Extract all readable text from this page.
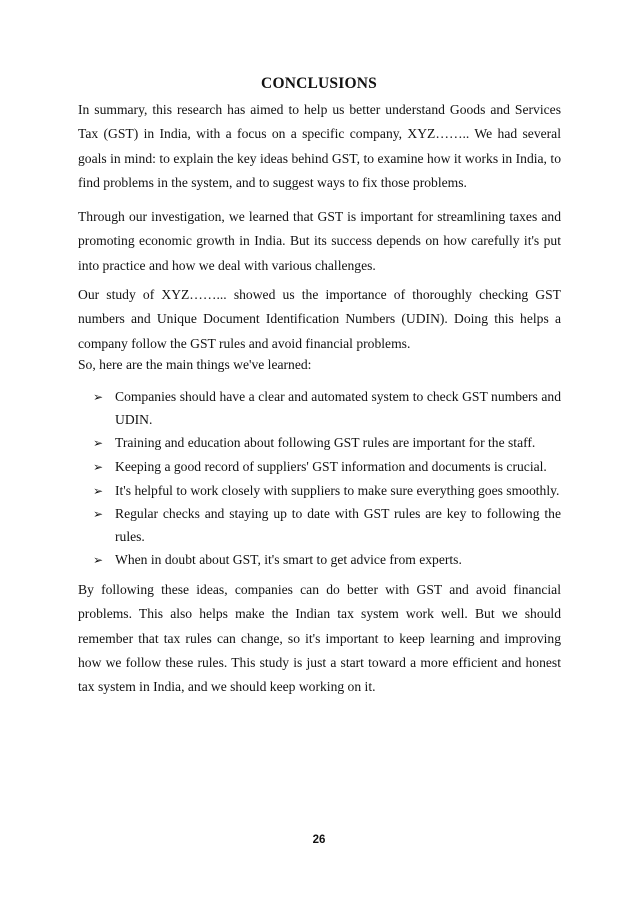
CONCLUSIONS

In summary, this research has aimed to help us better understand Goods and Services Tax (GST) in India, with a focus on a specific company, XYZ…….. We had several goals in mind: to explain the key ideas behind GST, to examine how it works in India, to find problems in the system, and to suggest ways to fix those problems.

Through our investigation, we learned that GST is important for streamlining taxes and promoting economic growth in India. But its success depends on how carefully it's put into practice and how we deal with various challenges.

Our study of XYZ……... showed us the importance of thoroughly checking GST numbers and Unique Document Identification Numbers (UDIN). Doing this helps a company follow the GST rules and avoid financial problems.

So, here are the main things we've learned:

➢ Companies should have a clear and automated system to check GST numbers and UDIN.
➢ Training and education about following GST rules are important for the staff.
➢ Keeping a good record of suppliers' GST information and documents is crucial.
➢ It's helpful to work closely with suppliers to make sure everything goes smoothly.
➢ Regular checks and staying up to date with GST rules are key to following the rules.
➢ When in doubt about GST, it's smart to get advice from experts.

By following these ideas, companies can do better with GST and avoid financial problems. This also helps make the Indian tax system work well. But we should remember that tax rules can change, so it's important to keep learning and improving how we follow these rules. This study is just a start toward a more efficient and honest tax system in India, and we should keep working on it.

26
